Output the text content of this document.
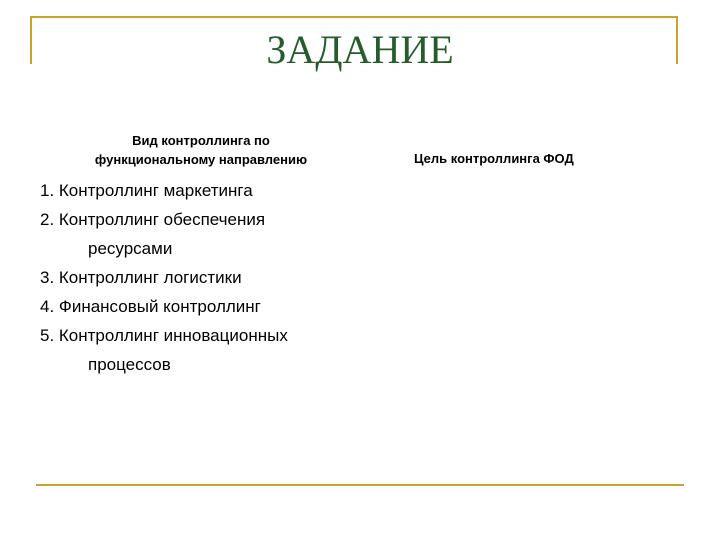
ЗАДАНИЕ
Вид контроллинга по
функциональному направлению	Цель контроллинга ФОД
1. Контроллинг маркетинга
2. Контроллинг обеспечения
ресурсами
3. Контроллинг логистики
4. Финансовый контроллинг
5. Контроллинг инновационных
процессов
